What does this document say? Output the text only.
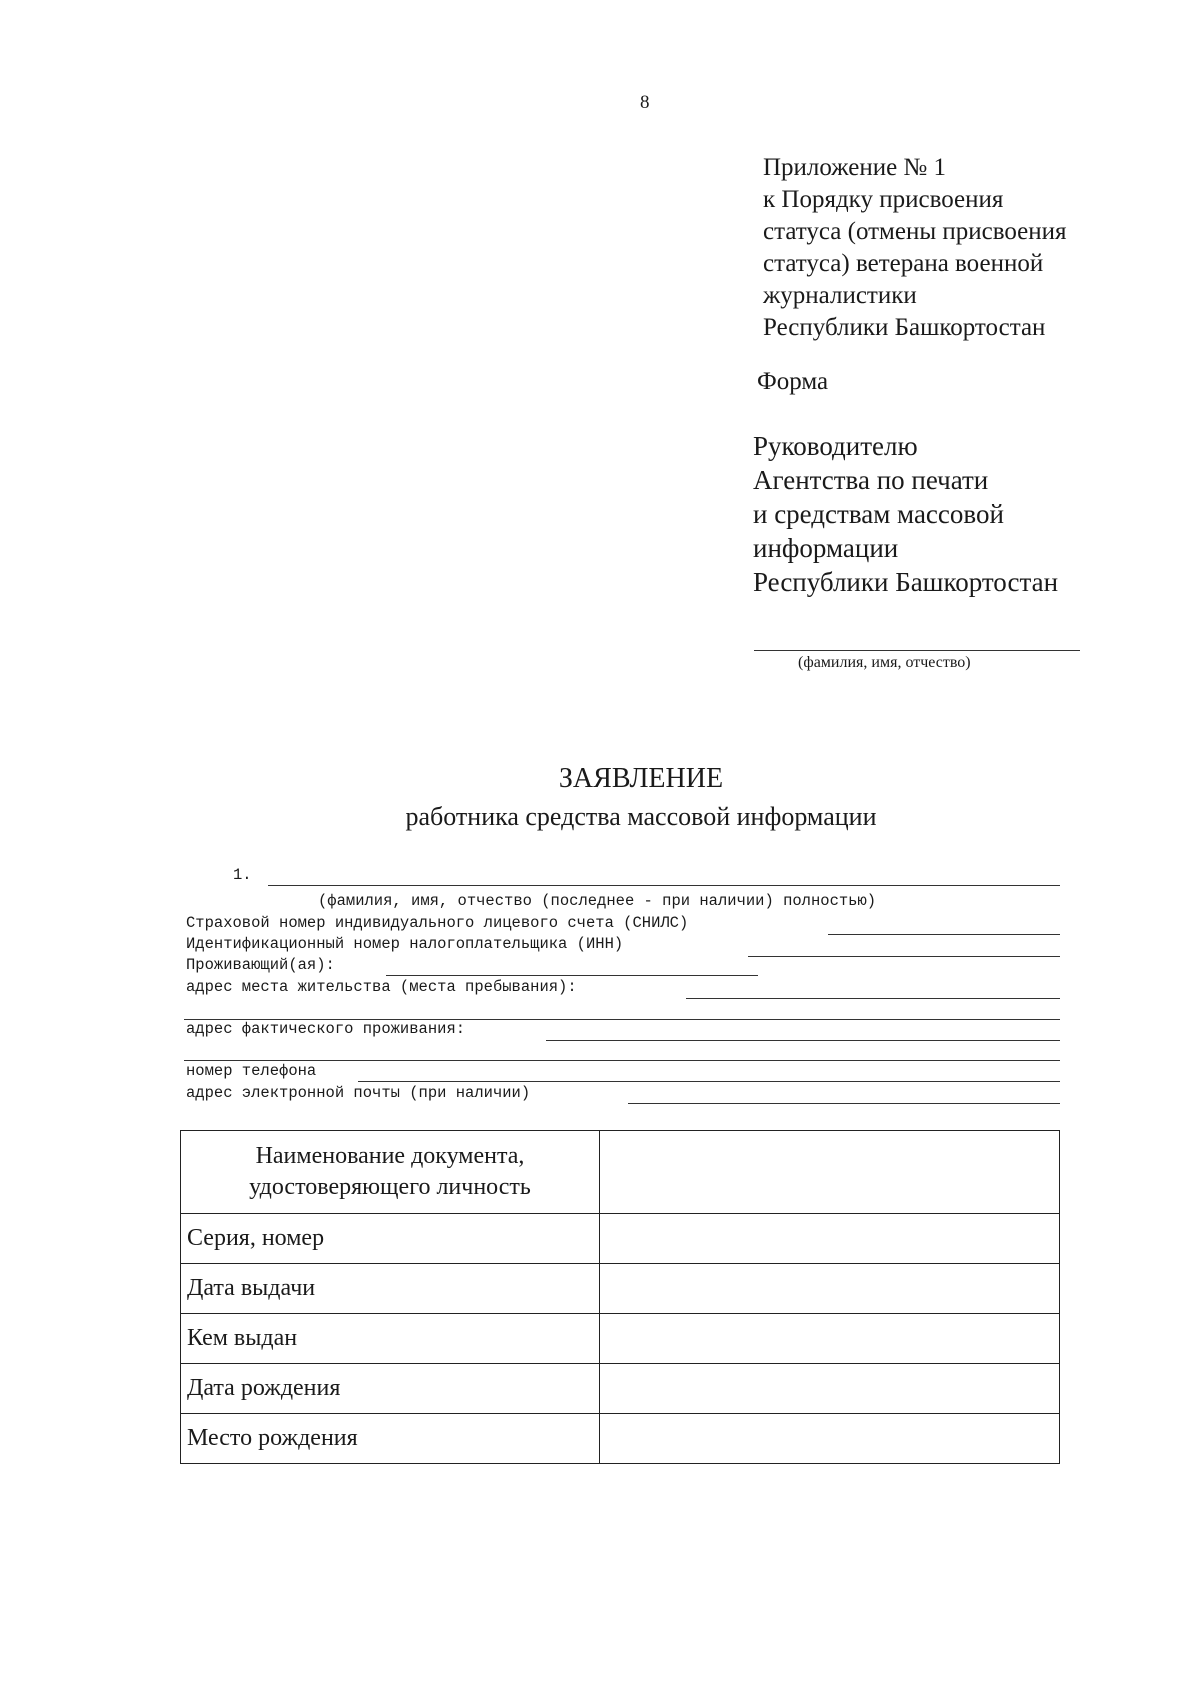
8
Приложение № 1
к Порядку присвоения
статуса (отмены присвоения
статуса) ветерана военной
журналистики
Республики Башкортостан
Форма
Руководителю
Агентства по печати
и средствам массовой
информации
Республики Башкортостан
(фамилия, имя, отчество)
ЗАЯВЛЕНИЕ
работника средства массовой информации
1.
(фамилия, имя, отчество (последнее - при наличии) полностью)
Страховой номер индивидуального лицевого счета (СНИЛС)
Идентификационный номер налогоплательщика (ИНН)
Проживающий(ая):
адрес места жительства (места пребывания):
адрес фактического проживания:
номер телефона
адрес электронной почты (при наличии)
Наименование документа,
удостоверяющего личность	
Серия, номер	
Дата выдачи	
Кем выдан	
Дата рождения	
Место рождения	
